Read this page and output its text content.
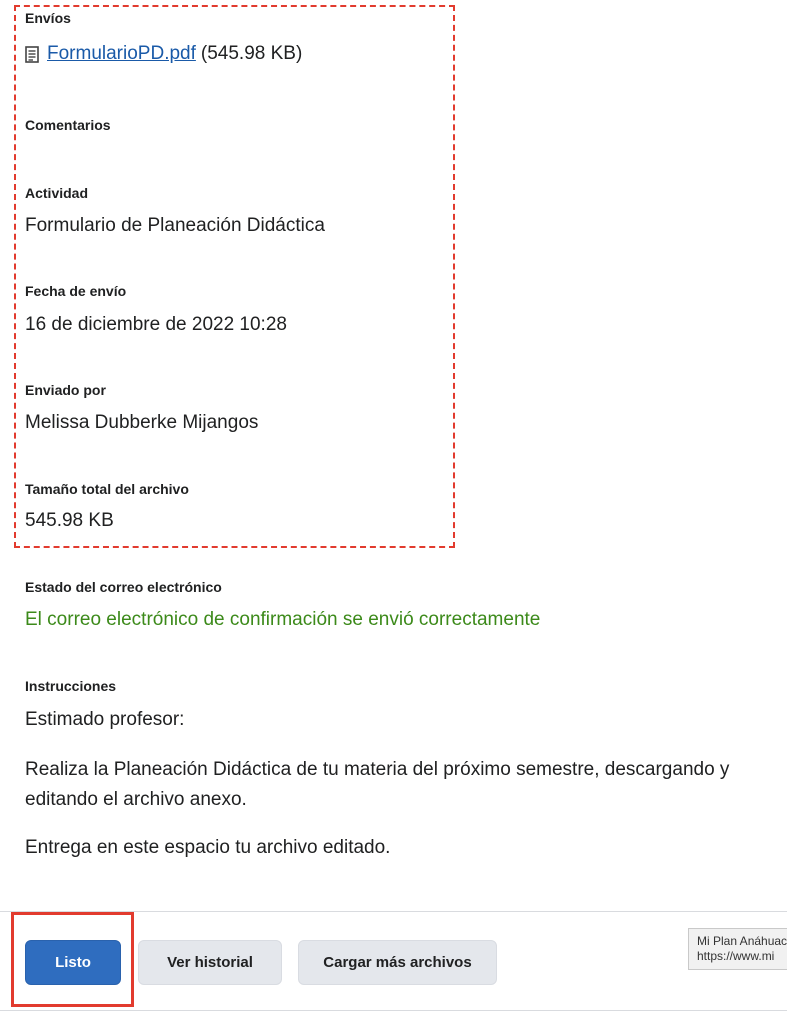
Envíos
FormularioPD.pdf (545.98 KB)
Comentarios
Actividad
Formulario de Planeación Didáctica
Fecha de envío
16 de diciembre de 2022 10:28
Enviado por
Melissa Dubberke Mijangos
Tamaño total del archivo
545.98 KB
Estado del correo electrónico
El correo electrónico de confirmación se envió correctamente
Instrucciones
Estimado profesor:
Realiza la Planeación Didáctica de tu materia del próximo semestre, descargando y editando el archivo anexo.
Entrega en este espacio tu archivo editado.
Listo	Ver historial	Cargar más archivos
Mi Plan Anáhuac
https://www.mi
